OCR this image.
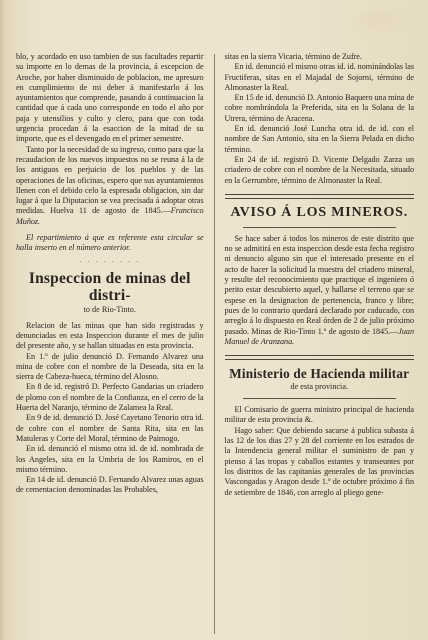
blo, y acordado en uso tambien de sus facultades repartir su importe en lo demas de la provincia, á escepcion de Aroche, por haber disminuido de poblacion, me apresuro en cumplimiento de mi deber á manifestarlo á los ayuntamientos que comprende, pasando á continuacion la cantidad que á cada uno corresponde en todo el año por paja y utensilios y culto y clero, para que con toda urgencia procedan á la esaccion de la mitad de su importe, que es el devengado en el primer semestre.

Tanto por la necesidad de su ingreso, como para que la recaudacion de los nuevos impuestos no se reuna á la de los antiguos en perjuicio de los pueblos y de las operaciones de las oficinas, espero que sus ayuntamientos llenen con el debido celo la espresada obligacion, sin dar lugar á que la Diputacion se vea precisada á adoptar otras medidas. Huelva 11 de agosto de 1845.—Francisco Muñoz.

El repartimiento á que es referente esta circular se halla inserto en el número anterior.

· · · · · · · ·
Inspeccion de minas del distri-
to de Rio-Tinto.

Relacion de las minas que han sido registradas y denunciadas en esta Inspeccion durante el mes de julio del presente año, y se hallan situadas en esta provincia.

En 1.º de julio denunció D. Fernando Alvarez una mina de cobre con el nombre de la Deseada, sita en la sierra de Cabeza-hueca, término del Alosno.

En 8 de id. registró D. Perfecto Gandarias un criadero de plomo con el nombre de la Confianza, en el cerro de la Huerta del Naranjo, término de Zalamea la Real.

En 9 de id. denunció D. José Cayetano Tenorio otra id. de cobre con el nombre de Santa Rita, sita en las Matuleras y Corte del Moral, término de Paimogo.

En id. denunció el mismo otra id. de id. nombrada de los Angeles, sita en la Umbria de los Ramiros, en el mismo término.

En 14 de id. denunció D. Fernando Alvarez unas aguas de cementacion denominadas las Probables,

sitas en la sierra Vicaria, término de Zufre.

En id. denunció el mismo otras id. id. nominándolas las Fructiferas, sitas en el Majadal de Sojorni, término de Almonaster la Real.

En 15 de id. denunció D. Antonio Baquero una mina de cobre nombrándola la Preferida, sita en la Solana de la Utrera, término de Aracena.

En id. denunció José Luncha otra id. de id. con el nombre de San Antonio, sita en la Sierra Pelada en dicho término.

En 24 de id. registró D. Vicente Delgado Zarza un criadero de cobre con el nombre de la Necesitada, situado en la Gerrumbre, término de Almonaster la Real.

AVISO Á LOS MINEROS.

Se hace saber á todos los mineros de este distrito que no se admitirá en esta inspeccion desde esta fecha registro ni denuncio alguno sin que el interesado presente en el acto de hacer la solicitud la muestra del criadero mineral, y resulte del reconocimiento que practique el ingeniero ó perito estar descubierto aquel, y hallarse el terreno que se espese en la designacion de pertenencia, franco y libre; pues de lo contrario quedará declarado por caducado, con arreglo á lo dispuesto en Real órden de 2 de julio próximo pasado. Minas de Rio-Tinto 1.º de agosto de 1845.—Juan Manuel de Aranzana.

Ministerio de Hacienda militar
de esta provincia.

El Comisario de guerra ministro principal de hacienda militar de esta provincia &.

Hago saber: Que debiendo sacarse á publica subasta á las 12 de los dias 27 y 28 del corriente en los estrados de la Intendencia general militar el suministro de pan y pienso á las tropas y caballos estantes y transeuntes por los distritos de las capitanías generales de las provincias Vascongadas y Aragon desde 1.º de octubre próximo á fin de setiembre de 1846, con arreglo al pliego gene-
